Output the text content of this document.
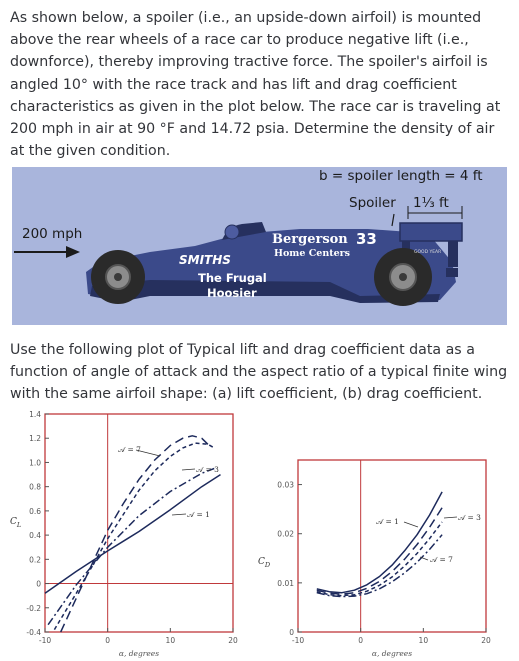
As shown below, a spoiler (i.e., an upside-down airfoil) is mounted above the rear wheels of a race car to produce negative lift (i.e., downforce), thereby improving tractive force. The spoiler's airfoil is angled 10° with the race track and has lift and drag coefficient characteristics as given in the plot below. The race car is traveling at 200 mph in air at 90 °F and 14.72 psia. Determine the density of air at the given condition.

b = spoiler length = 4 ft
Spoiler 1⅓ ft
200 mph	Bergerson
Home Centers
33
SMITHS
The Frugal
Hoosier
GOOD YEAR

Use the following plot of Typical lift and drag coefficient data as a function of angle of attack and the aspect ratio of a typical finite wing with the same airfoil shape: (a) lift coefficient, (b) drag coefficient.

-10	0	10	20
-0.4
-0.2
0
0.2
0.4
0.6
0.8
1.0
1.2
1.4
$C_L$
α, degrees
𝒜 = 7
𝒜 = 3
𝒜 = 1
-10	0	10	20
0
0.01
0.02
0.03
$C_D$
α, degrees
𝒜 = 1	𝒜 = 3
𝒜 = 7
